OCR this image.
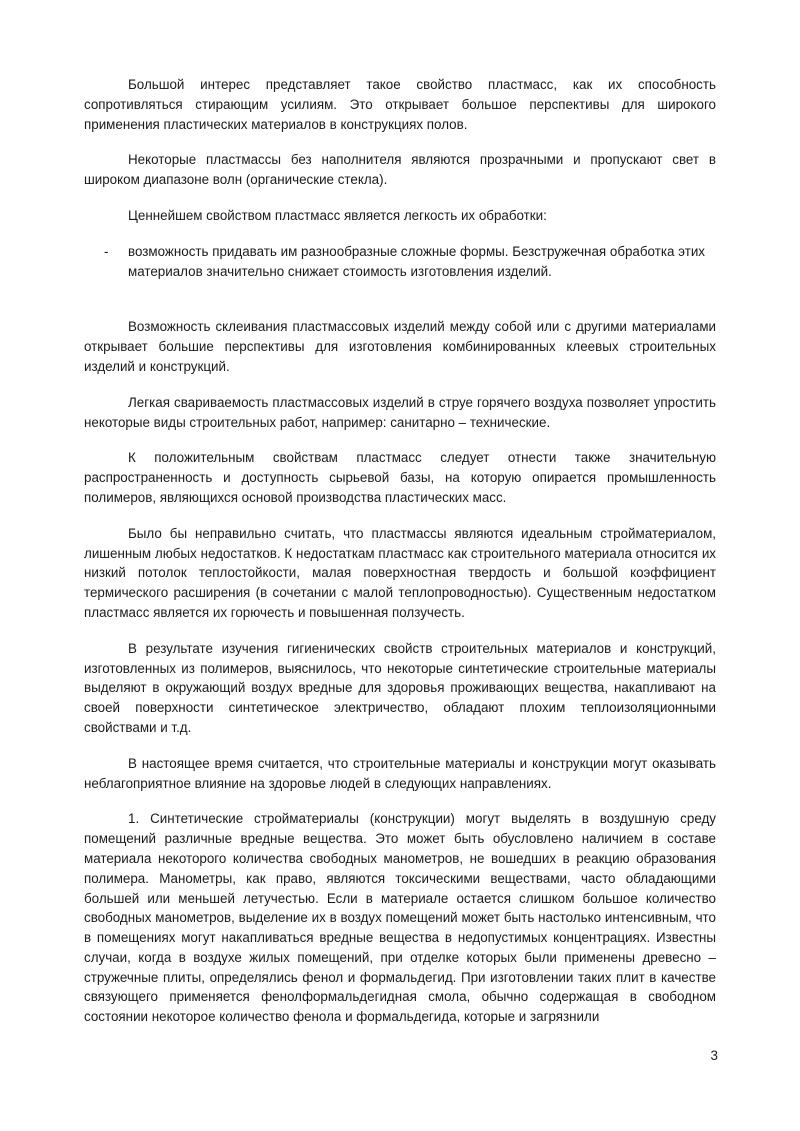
Большой интерес представляет такое свойство пластмасс, как их способность сопротивляться стирающим усилиям. Это открывает большое перспективы для широкого применения пластических материалов в конструкциях полов.

Некоторые пластмассы без наполнителя являются прозрачными и пропускают свет в широком диапазоне волн (органические стекла).

Ценнейшем свойством пластмасс является легкость их обработки:

- возможность придавать им разнообразные сложные формы. Безстружечная обработка этих материалов значительно снижает стоимость изготовления изделий.

Возможность склеивания пластмассовых изделий между собой или с другими материалами открывает большие перспективы для изготовления комбинированных клеевых строительных изделий и конструкций.

Легкая свариваемость пластмассовых изделий в струе горячего воздуха позволяет упростить некоторые виды строительных работ, например: санитарно – технические.

К положительным свойствам пластмасс следует отнести также значительную распространенность и доступность сырьевой базы, на которую опирается промышленность полимеров, являющихся основой производства пластических масс.

Было бы неправильно считать, что пластмассы являются идеальным стройматериалом, лишенным любых недостатков. К недостаткам пластмасс как строительного материала относится их низкий потолок теплостойкости, малая поверхностная твердость и большой коэффициент термического расширения (в сочетании с малой теплопроводностью). Существенным недостатком пластмасс является их горючесть и повышенная ползучесть.

В результате изучения гигиенических свойств строительных материалов и конструкций, изготовленных из полимеров, выяснилось, что некоторые синтетические строительные материалы выделяют в окружающий воздух вредные для здоровья проживающих вещества, накапливают на своей поверхности синтетическое электричество, обладают плохим теплоизоляционными свойствами и т.д.

В настоящее время считается, что строительные материалы и конструкции могут оказывать неблагоприятное влияние на здоровье людей в следующих направлениях.

1. Синтетические стройматериалы (конструкции) могут выделять в воздушную среду помещений различные вредные вещества. Это может быть обусловлено наличием в составе материала некоторого количества свободных манометров, не вошедших в реакцию образования полимера. Манометры, как право, являются токсическими веществами, часто обладающими большей или меньшей летучестью. Если в материале остается слишком большое количество свободных манометров, выделение их в воздух помещений может быть настолько интенсивным, что в помещениях могут накапливаться вредные вещества в недопустимых концентрациях. Известны случаи, когда в воздухе жилых помещений, при отделке которых были применены древесно – стружечные плиты, определялись фенол и формальдегид. При изготовлении таких плит в качестве связующего применяется фенолформальдегидная смола, обычно содержащая в свободном состоянии некоторое количество фенола и формальдегида, которые и загрязнили

3
